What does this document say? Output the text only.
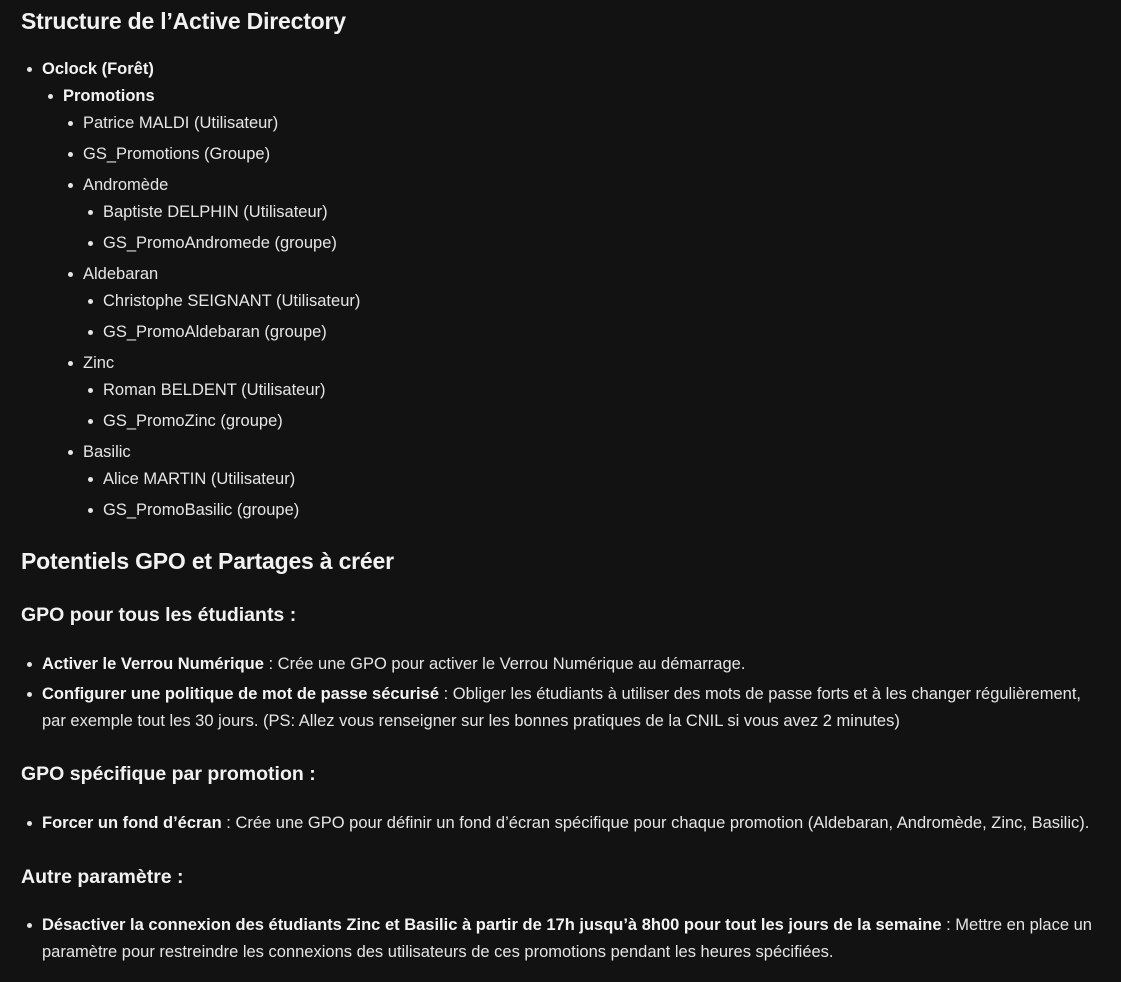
Structure de l’Active Directory
Oclock (Forêt)
Promotions
Patrice MALDI (Utilisateur)
GS_Promotions (Groupe)
Andromède
Baptiste DELPHIN (Utilisateur)
GS_PromoAndromede (groupe)
Aldebaran
Christophe SEIGNANT (Utilisateur)
GS_PromoAldebaran (groupe)
Zinc
Roman BELDENT (Utilisateur)
GS_PromoZinc (groupe)
Basilic
Alice MARTIN (Utilisateur)
GS_PromoBasilic (groupe)
Potentiels GPO et Partages à créer
GPO pour tous les étudiants :
Activer le Verrou Numérique : Crée une GPO pour activer le Verrou Numérique au démarrage.
Configurer une politique de mot de passe sécurisé : Obliger les étudiants à utiliser des mots de passe forts et à les changer régulièrement, par exemple tout les 30 jours. (PS: Allez vous renseigner sur les bonnes pratiques de la CNIL si vous avez 2 minutes)
GPO spécifique par promotion :
Forcer un fond d’écran : Crée une GPO pour définir un fond d’écran spécifique pour chaque promotion (Aldebaran, Andromède, Zinc, Basilic).
Autre paramètre :
Désactiver la connexion des étudiants Zinc et Basilic à partir de 17h jusqu’à 8h00 pour tout les jours de la semaine : Mettre en place un paramètre pour restreindre les connexions des utilisateurs de ces promotions pendant les heures spécifiées.
